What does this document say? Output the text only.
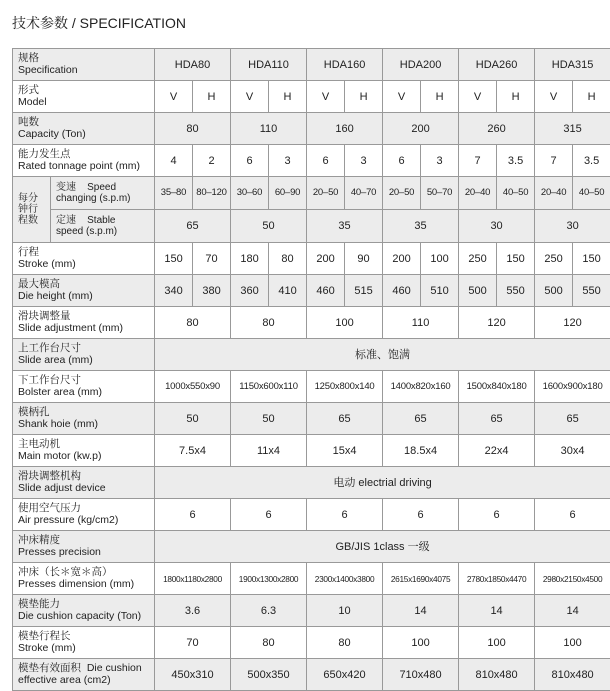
技术参数 / SPECIFICATION
规格
Specification		HDA80		HDA110		HDA160		HDA200		HDA260		HDA315	

形式
Model		V	H	V	H	V	H	V	H	V	H	V	H

吨数
Capacity (Ton)		80		110		160		200		260		315	

能力发生点
Rated tonnage point (mm)		4	2	6	3	6	3	6	3	7	3.5	7	3.5

每分
钟行
程数	变速 Speed
changing (s.p.m)	35–80	80–120	30–60	60–90	20–50	40–70	20–50	50–70	20–40	40–50	20–40	40–50

	定速 Stable
speed (s.p.m)	65		50		35		35		30		30	

行程
Stroke (mm)		150	70	180	80	200	90	200	100	250	150	250	150

最大模高
Die height (mm)		340	380	360	410	460	515	460	510	500	550	500	550

滑块调整量
Slide adjustment (mm)		80		80		100		110		120		120	

上工作台尺寸
Slide area (mm)		标准、饱满											

下工作台尺寸
Bolster area (mm)		1000x550x90		1150x600x110		1250x800x140		1400x820x160		1500x840x180		1600x900x180	

模柄孔
Shank hoie (mm)		50		50		65		65		65		65	

主电动机
Main motor (kw.p)		7.5x4		11x4		15x4		18.5x4		22x4		30x4	

滑块调整机构
Slide adjust device		电动 electrial driving											

使用空气压力
Air pressure (kg/cm2)		6		6		6		6		6		6	

冲床精度
Presses precision		GB/JIS 1class 一级											

冲床（长＊宽＊高）
Presses dimension (mm)		1800x1180x2800		1900x1300x2800		2300x1400x3800		2615x1690x4075		2780x1850x4470		2980x2150x4500	

模垫能力
Die cushion capacity (Ton)		3.6		6.3		10		14		14		14	

模垫行程长
Stroke (mm)		70		80		80		100		100		100	

模垫有效面积 Die cushion
effective area (cm2)		450x310		500x350		650x420		710x480		810x480		810x480	
